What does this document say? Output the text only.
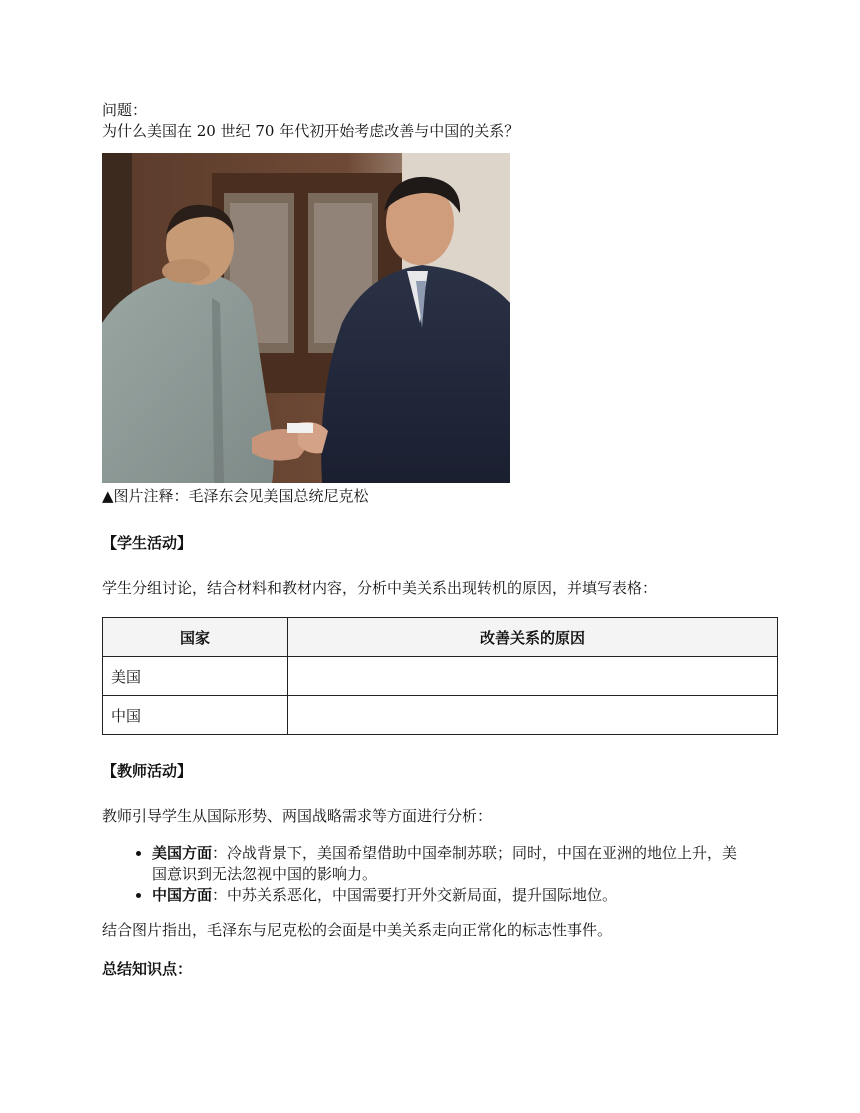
问题：

为什么美国在 20 世纪 70 年代初开始考虑改善与中国的关系？

▲图片注释：毛泽东会见美国总统尼克松

【学生活动】

学生分组讨论，结合材料和教材内容，分析中美关系出现转机的原因，并填写表格：

国家	改善关系的原因
美国	
中国	

【教师活动】

教师引导学生从国际形势、两国战略需求等方面进行分析：

• 美国方面：冷战背景下，美国希望借助中国牵制苏联；同时，中国在亚洲的地位上升，美国意识到无法忽视中国的影响力。
• 中国方面：中苏关系恶化，中国需要打开外交新局面，提升国际地位。

结合图片指出，毛泽东与尼克松的会面是中美关系走向正常化的标志性事件。

总结知识点：
